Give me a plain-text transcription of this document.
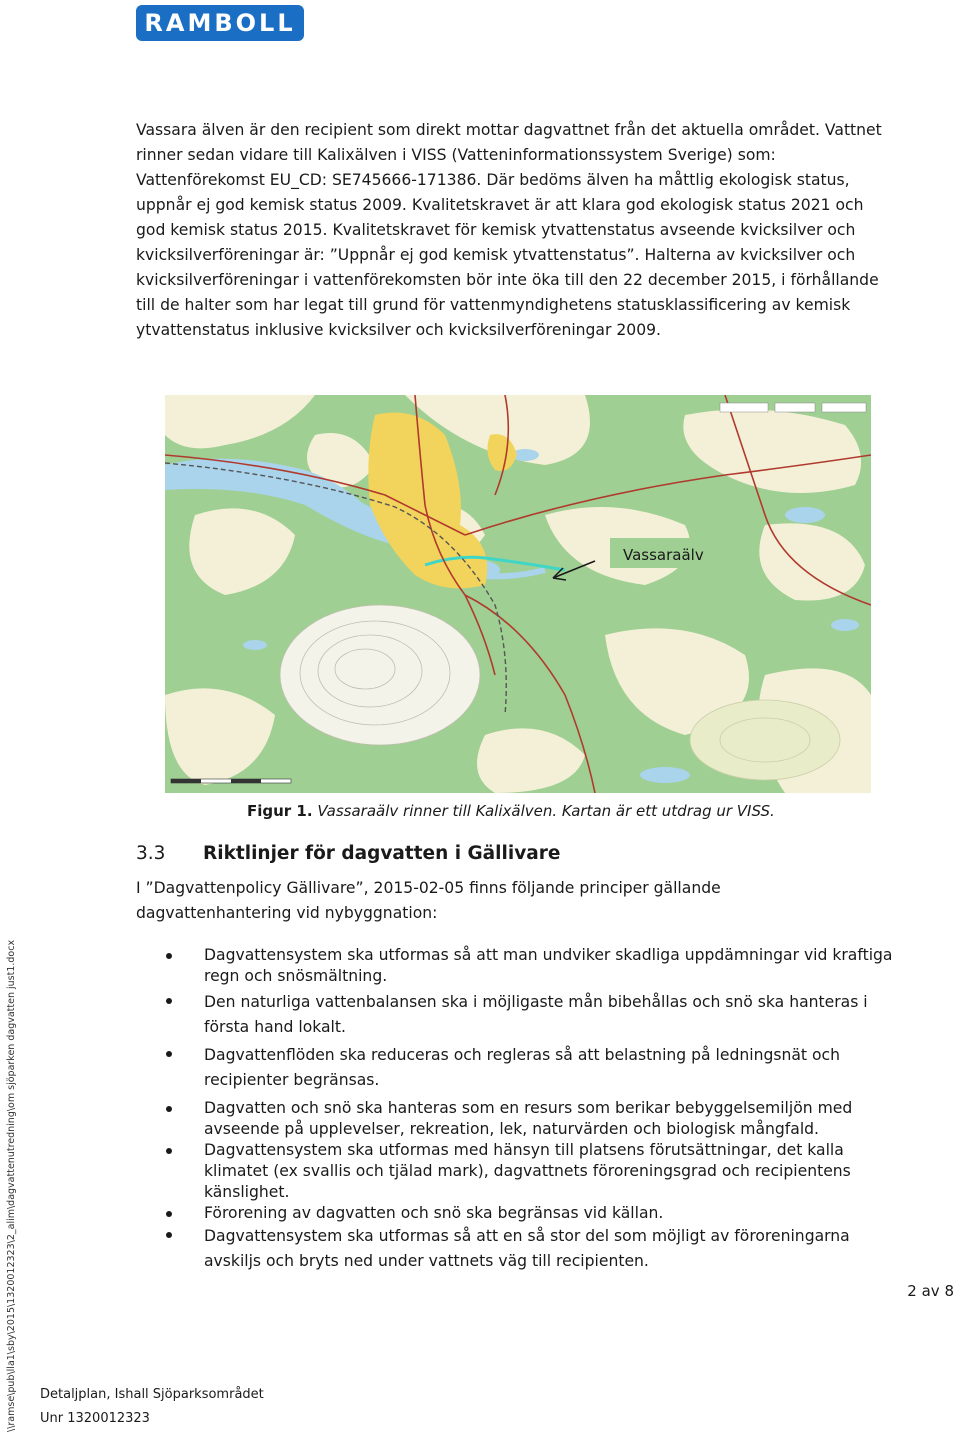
RAMBOLL

Vassara älven är den recipient som direkt mottar dagvattnet från det aktuella området. Vattnet rinner sedan vidare till Kalixälven i VISS (Vatteninformationssystem Sverige) som: Vattenförekomst EU_CD: SE745666-171386. Där bedöms älven ha måttlig ekologisk status, uppnår ej god kemisk status 2009. Kvalitetskravet är att klara god ekologisk status 2021 och god kemisk status 2015. Kvalitetskravet för kemisk ytvattenstatus avseende kvicksilver och kvicksilverföreningar är: ”Uppnår ej god kemisk ytvattenstatus”. Halterna av kvicksilver och kvicksilverföreningar i vattenförekomsten bör inte öka till den 22 december 2015, i förhållande till de halter som har legat till grund för vattenmyndighetens statusklassificering av kemisk ytvattenstatus inklusive kvicksilver och kvicksilverföreningar 2009.

Vassaraälv
Figur 1. Vassaraälv rinner till Kalixälven. Kartan är ett utdrag ur VISS.
3.3 Riktlinjer för dagvatten i Gällivare

I ”Dagvattenpolicy Gällivare”, 2015-02-05 finns följande principer gällande dagvattenhantering vid nybyggnation:

Dagvattensystem ska utformas så att man undviker skadliga uppdämningar vid kraftiga regn och snösmältning.
Den naturliga vattenbalansen ska i möjligaste mån bibehållas och snö ska hanteras i första hand lokalt.
Dagvattenflöden ska reduceras och regleras så att belastning på ledningsnät och recipienter begränsas.
Dagvatten och snö ska hanteras som en resurs som berikar bebyggelsemiljön med avseende på upplevelser, rekreation, lek, naturvärden och biologisk mångfald.
Dagvattensystem ska utformas med hänsyn till platsens förutsättningar, det kalla klimatet (ex svallis och tjälad mark), dagvattnets föroreningsgrad och recipientens känslighet.
Förorening av dagvatten och snö ska begränsas vid källan.
Dagvattensystem ska utformas så att en så stor del som möjligt av föroreningarna avskiljs och bryts ned under vattnets väg till recipienten.
2 av 8
Detaljplan, Ishall Sjöparksområdet
Unr 1320012323
\\ramse\pub\lla1\sby\2015\1320012323\2_alim\dagvattenutredning\om sjöparken dagvatten just1.docx
